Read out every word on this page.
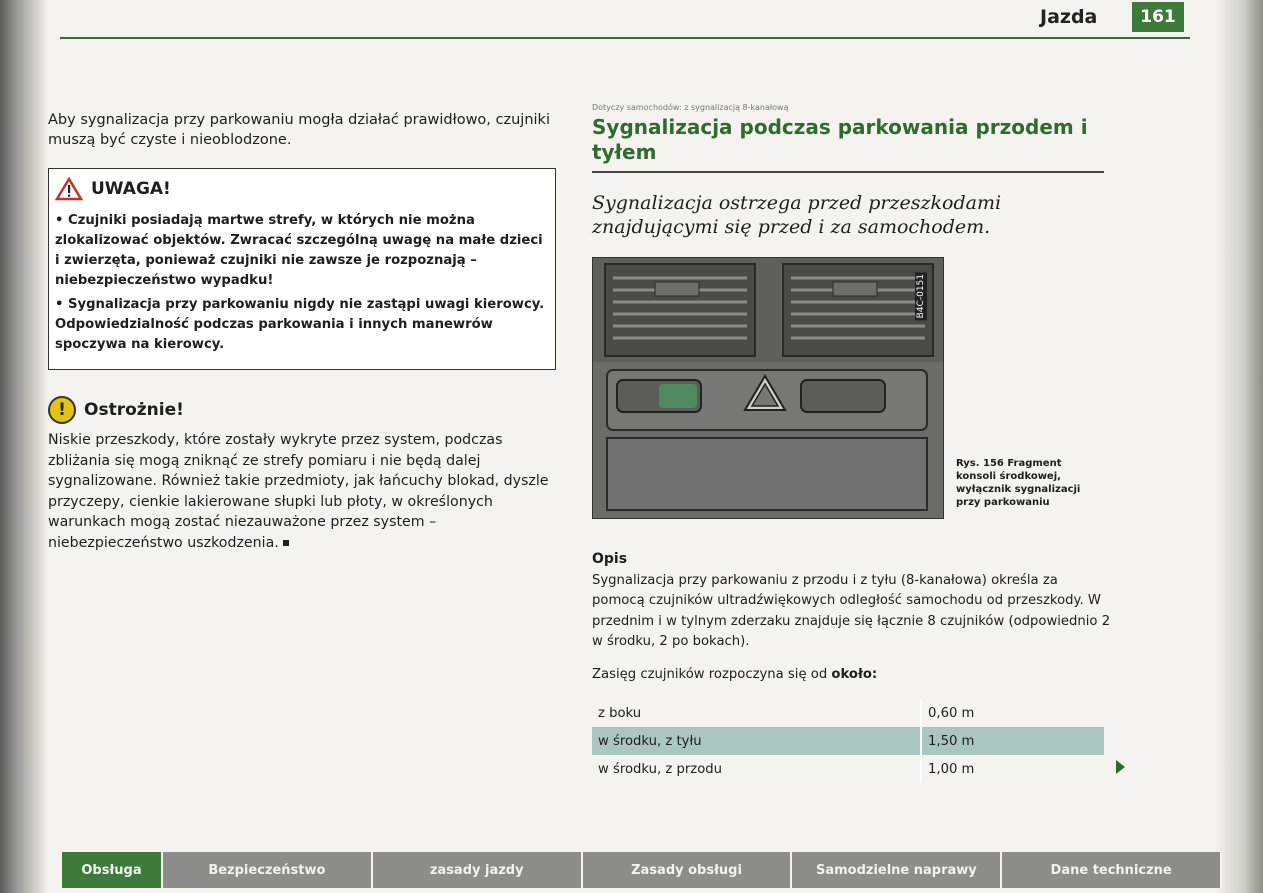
Jazda	161

Aby sygnalizacja przy parkowaniu mogła działać prawidłowo, czujniki muszą być czyste i nieoblodzone.

UWAGA!

• Czujniki posiadają martwe strefy, w których nie można zlokalizować objektów. Zwracać szczególną uwagę na małe dzieci i zwierzęta, ponieważ czujniki nie zawsze je rozpoznają – niebezpieczeństwo wypadku!

• Sygnalizacja przy parkowaniu nigdy nie zastąpi uwagi kierowcy. Odpowiedzialność podczas parkowania i innych manewrów spoczywa na kierowcy.

!	Ostrożnie!
Niskie przeszkody, które zostały wykryte przez system, podczas zbliżania się mogą zniknąć ze strefy pomiaru i nie będą dalej sygnalizowane. Również takie przedmioty, jak łańcuchy blokad, dyszle przyczepy, cienkie lakierowane słupki lub płoty, w określonych warunkach mogą zostać niezauważone przez system – niebezpieczeństwo uszkodzenia.
Dotyczy samochodów: z sygnalizacją 8-kanałową
Sygnalizacja podczas parkowania przodem i tyłem

Sygnalizacja ostrzega przed przeszkodami znajdującymi się przed i za samochodem.

B4C-0151
Rys. 156 Fragment konsoli środkowej, wyłącznik sygnalizacji przy parkowaniu
Opis

Sygnalizacja przy parkowaniu z przodu i z tyłu (8-kanałowa) określa za pomocą czujników ultradźwiękowych odległość samochodu od przeszkody. W przednim i w tylnym zderzaku znajduje się łącznie 8 czujników (odpowiednio 2 w środku, 2 po bokach).

Zasięg czujników rozpoczyna się od około:

z boku	0,60 m
w środku, z tyłu	1,50 m
w środku, z przodu	1,00 m
Obsługa	Bezpieczeństwo	zasady jazdy	Zasady obsługi	Samodzielne naprawy	Dane techniczne
